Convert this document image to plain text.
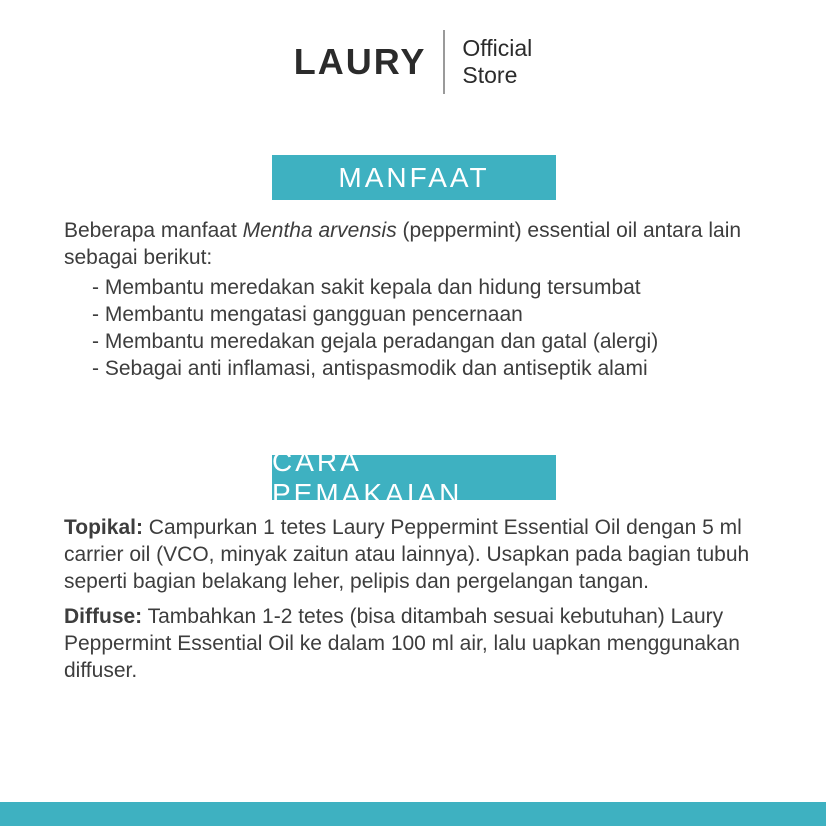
LAURY Official
Store
MANFAAT
Beberapa manfaat Mentha arvensis (peppermint) essential oil antara lain sebagai berikut:
- Membantu meredakan sakit kepala dan hidung tersumbat
- Membantu mengatasi gangguan pencernaan
- Membantu meredakan gejala peradangan dan gatal (alergi)
- Sebagai anti inflamasi, antispasmodik dan antiseptik alami
CARA PEMAKAIAN

Topikal: Campurkan 1 tetes Laury Peppermint Essential Oil dengan 5 ml carrier oil (VCO, minyak zaitun atau lainnya). Usapkan pada bagian tubuh seperti bagian belakang leher, pelipis dan pergelangan tangan.

Diffuse: Tambahkan 1-2 tetes (bisa ditambah sesuai kebutuhan) Laury Peppermint Essential Oil ke dalam 100 ml air, lalu uapkan menggunakan diffuser.
